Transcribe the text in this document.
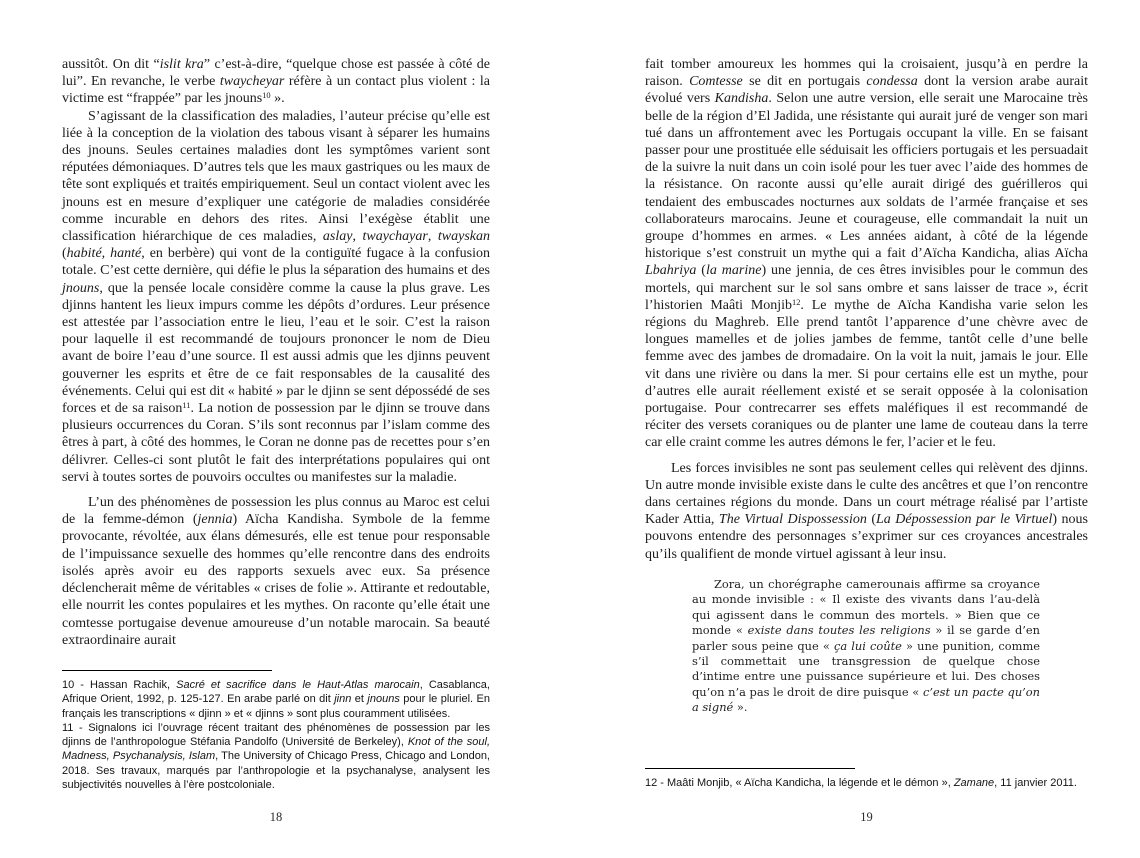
aussitôt. On dit “islit kra” c’est-à-dire, “quelque chose est passée à côté de lui”. En revanche, le verbe twaycheyar réfère à un contact plus violent : la victime est “frappée” par les jnouns$^{10}$ ».

S’agissant de la classification des maladies, l’auteur précise qu’elle est liée à la conception de la violation des tabous visant à séparer les humains des jnouns. Seules certaines maladies dont les symptômes varient sont réputées démoniaques. D’autres tels que les maux gastriques ou les maux de tête sont expliqués et traités empiriquement. Seul un contact violent avec les jnouns est en mesure d’expliquer une catégorie de maladies considérée comme incurable en dehors des rites. Ainsi l’exégèse établit une classification hiérarchique de ces maladies, aslay, twaychayar, twayskan (habité, hanté, en berbère) qui vont de la contiguïté fugace à la confusion totale. C’est cette dernière, qui défie le plus la séparation des humains et des jnouns, que la pensée locale considère comme la cause la plus grave. Les djinns hantent les lieux impurs comme les dépôts d’ordures. Leur présence est attestée par l’association entre le lieu, l’eau et le soir. C’est la raison pour laquelle il est recommandé de toujours prononcer le nom de Dieu avant de boire l’eau d’une source. Il est aussi admis que les djinns peuvent gouverner les esprits et être de ce fait responsables de la causalité des événements. Celui qui est dit « habité » par le djinn se sent dépossédé de ses forces et de sa raison$^{11}$. La notion de possession par le djinn se trouve dans plusieurs occurrences du Coran. S’ils sont reconnus par l’islam comme des êtres à part, à côté des hommes, le Coran ne donne pas de recettes pour s’en délivrer. Celles-ci sont plutôt le fait des interprétations populaires qui ont servi à toutes sortes de pouvoirs occultes ou manifestes sur la maladie.

L’un des phénomènes de possession les plus connus au Maroc est celui de la femme-démon (jennia) Aïcha Kandisha. Symbole de la femme provocante, révoltée, aux élans démesurés, elle est tenue pour responsable de l’impuissance sexuelle des hommes qu’elle rencontre dans des endroits isolés après avoir eu des rapports sexuels avec eux. Sa présence déclencherait même de véritables « crises de folie ». Attirante et redoutable, elle nourrit les contes populaires et les mythes. On raconte qu’elle était une comtesse portugaise devenue amoureuse d’un notable marocain. Sa beauté extraordinaire aurait

10 - Hassan Rachik, Sacré et sacrifice dans le Haut-Atlas marocain, Casablanca, Afrique Orient, 1992, p. 125-127. En arabe parlé on dit jinn et jnouns pour le pluriel. En français les transcriptions « djinn » et « djinns » sont plus couramment utilisées.

11 - Signalons ici l’ouvrage récent traitant des phénomènes de possession par les djinns de l’anthropologue Stéfania Pandolfo (Université de Berkeley), Knot of the soul, Madness, Psychanalysis, Islam, The University of Chicago Press, Chicago and London, 2018. Ses travaux, marqués par l’anthropologie et la psychanalyse, analysent les subjectivités nouvelles à l’ère postcoloniale.

18

fait tomber amoureux les hommes qui la croisaient, jusqu’à en perdre la raison. Comtesse se dit en portugais condessa dont la version arabe aurait évolué vers Kandisha. Selon une autre version, elle serait une Marocaine très belle de la région d’El Jadida, une résistante qui aurait juré de venger son mari tué dans un affrontement avec les Portugais occupant la ville. En se faisant passer pour une prostituée elle séduisait les officiers portugais et les persuadait de la suivre la nuit dans un coin isolé pour les tuer avec l’aide des hommes de la résistance. On raconte aussi qu’elle aurait dirigé des guérilleros qui tendaient des embuscades nocturnes aux soldats de l’armée française et ses collaborateurs marocains. Jeune et courageuse, elle commandait la nuit un groupe d’hommes en armes. « Les années aidant, à côté de la légende historique s’est construit un mythe qui a fait d’Aïcha Kandicha, alias Aïcha Lbahriya (la marine) une jennia, de ces êtres invisibles pour le commun des mortels, qui marchent sur le sol sans ombre et sans laisser de trace », écrit l’historien Maâti Monjib$^{12}$. Le mythe de Aïcha Kandisha varie selon les régions du Maghreb. Elle prend tantôt l’apparence d’une chèvre avec de longues mamelles et de jolies jambes de femme, tantôt celle d’une belle femme avec des jambes de dromadaire. On la voit la nuit, jamais le jour. Elle vit dans une rivière ou dans la mer. Si pour certains elle est un mythe, pour d’autres elle aurait réellement existé et se serait opposée à la colonisation portugaise. Pour contrecarrer ses effets maléfiques il est recommandé de réciter des versets coraniques ou de planter une lame de couteau dans la terre car elle craint comme les autres démons le fer, l’acier et le feu.

Les forces invisibles ne sont pas seulement celles qui relèvent des djinns. Un autre monde invisible existe dans le culte des ancêtres et que l’on rencontre dans certaines régions du monde. Dans un court métrage réalisé par l’artiste Kader Attia, The Virtual Dispossession (La Dépossession par le Virtuel) nous pouvons entendre des personnages s’exprimer sur ces croyances ancestrales qu’ils qualifient de monde virtuel agissant à leur insu.

Zora, un chorégraphe camerounais affirme sa croyance au monde invisible : « Il existe des vivants dans l’au-delà qui agissent dans le commun des mortels. » Bien que ce monde « existe dans toutes les religions » il se garde d’en parler sous peine que « ça lui coûte » une punition, comme s’il commettait une transgression de quelque chose d’intime entre une puissance supérieure et lui. Des choses qu’on n’a pas le droit de dire puisque « c’est un pacte qu’on a signé ».

12 - Maâti Monjib, « Aïcha Kandicha, la légende et le démon », Zamane, 11 janvier 2011.

19
